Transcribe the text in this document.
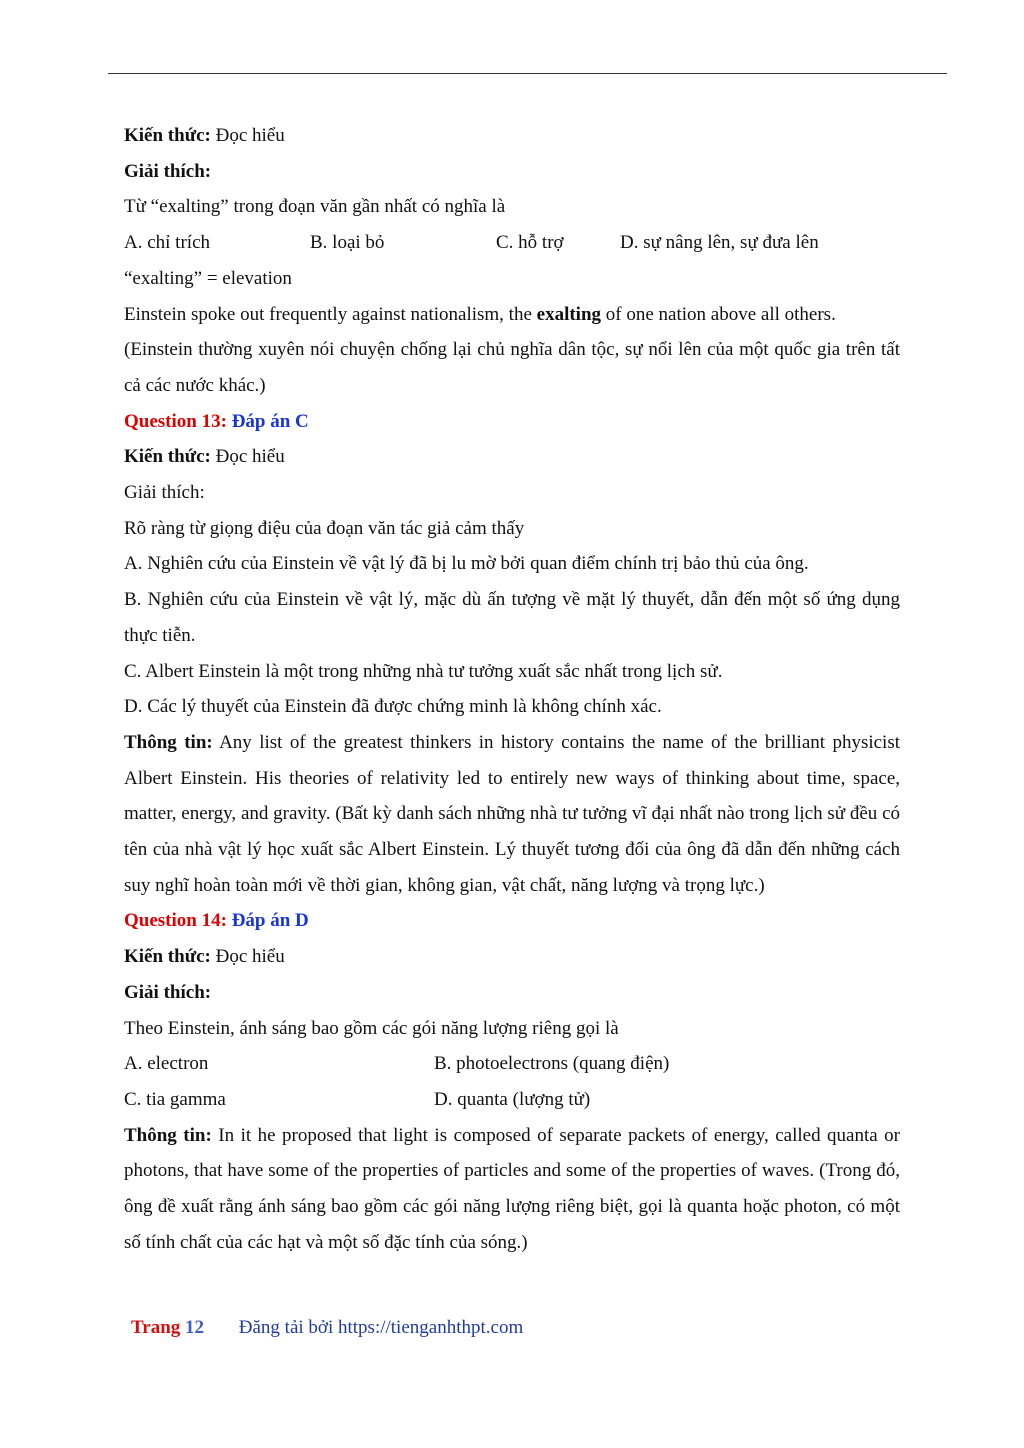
Kiến thức: Đọc hiểu

Giải thích:

Từ “exalting” trong đoạn văn gần nhất có nghĩa là

A. chỉ trích	B. loại bỏ	C. hỗ trợ	D. sự nâng lên, sự đưa lên

“exalting” = elevation

Einstein spoke out frequently against nationalism, the exalting of one nation above all others.

(Einstein thường xuyên nói chuyện chống lại chủ nghĩa dân tộc, sự nổi lên của một quốc gia trên tất cả các nước khác.)

Question 13: Đáp án C

Kiến thức: Đọc hiểu

Giải thích:

Rõ ràng từ giọng điệu của đoạn văn tác giả cảm thấy

A. Nghiên cứu của Einstein về vật lý đã bị lu mờ bởi quan điểm chính trị bảo thủ của ông.

B. Nghiên cứu của Einstein về vật lý, mặc dù ấn tượng về mặt lý thuyết, dẫn đến một số ứng dụng thực tiễn.

C. Albert Einstein là một trong những nhà tư tưởng xuất sắc nhất trong lịch sử.

D. Các lý thuyết của Einstein đã được chứng minh là không chính xác.

Thông tin: Any list of the greatest thinkers in history contains the name of the brilliant physicist Albert Einstein. His theories of relativity led to entirely new ways of thinking about time, space, matter, energy, and gravity. (Bất kỳ danh sách những nhà tư tưởng vĩ đại nhất nào trong lịch sử đều có tên của nhà vật lý học xuất sắc Albert Einstein. Lý thuyết tương đối của ông đã dẫn đến những cách suy nghĩ hoàn toàn mới về thời gian, không gian, vật chất, năng lượng và trọng lực.)

Question 14: Đáp án D

Kiến thức: Đọc hiểu

Giải thích:

Theo Einstein, ánh sáng bao gồm các gói năng lượng riêng gọi là

A. electron	B. photoelectrons (quang điện)

C. tia gamma	D. quanta (lượng tử)

Thông tin: In it he proposed that light is composed of separate packets of energy, called quanta or photons, that have some of the properties of particles and some of the properties of waves. (Trong đó, ông đề xuất rằng ánh sáng bao gồm các gói năng lượng riêng biệt, gọi là quanta hoặc photon, có một số tính chất của các hạt và một số đặc tính của sóng.)

Trang 12 Đăng tải bởi https://tienganhthpt.com
